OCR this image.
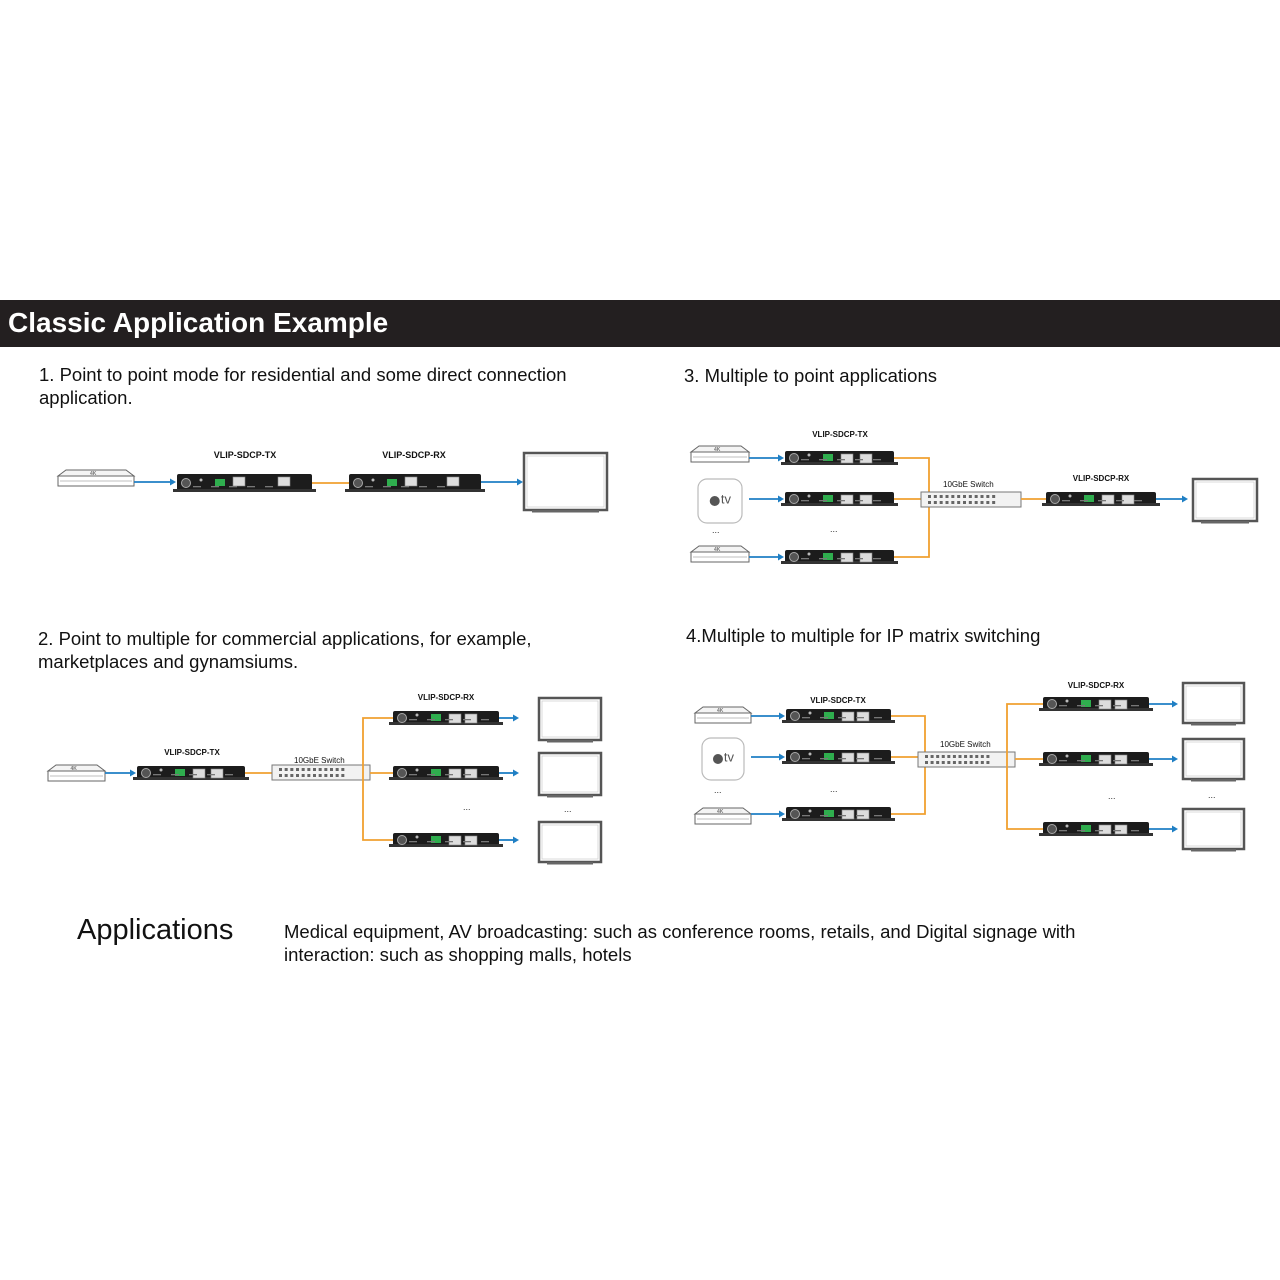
Classic Application Example
1. Point to point mode for residential and some direct connection
application.
2. Point to multiple for commercial applications, for example,
marketplaces and gynamsiums.
3. Multiple to point applications
4.Multiple to multiple for IP matrix switching
4K
VLIP-SDCP-TX	VLIP-SDCP-RX
4K
VLIP-SDCP-TX
10GbE Switch
VLIP-SDCP-RX
...	...
4K
tv
...
4K
VLIP-SDCP-TX
...
10GbE Switch
VLIP-SDCP-RX
4K
tv
...
4K
VLIP-SDCP-TX
...
10GbE Switch
VLIP-SDCP-RX
...	...
Applications	Medical equipment, AV broadcasting: such as conference rooms, retails, and Digital signage with
interaction: such as shopping malls, hotels
